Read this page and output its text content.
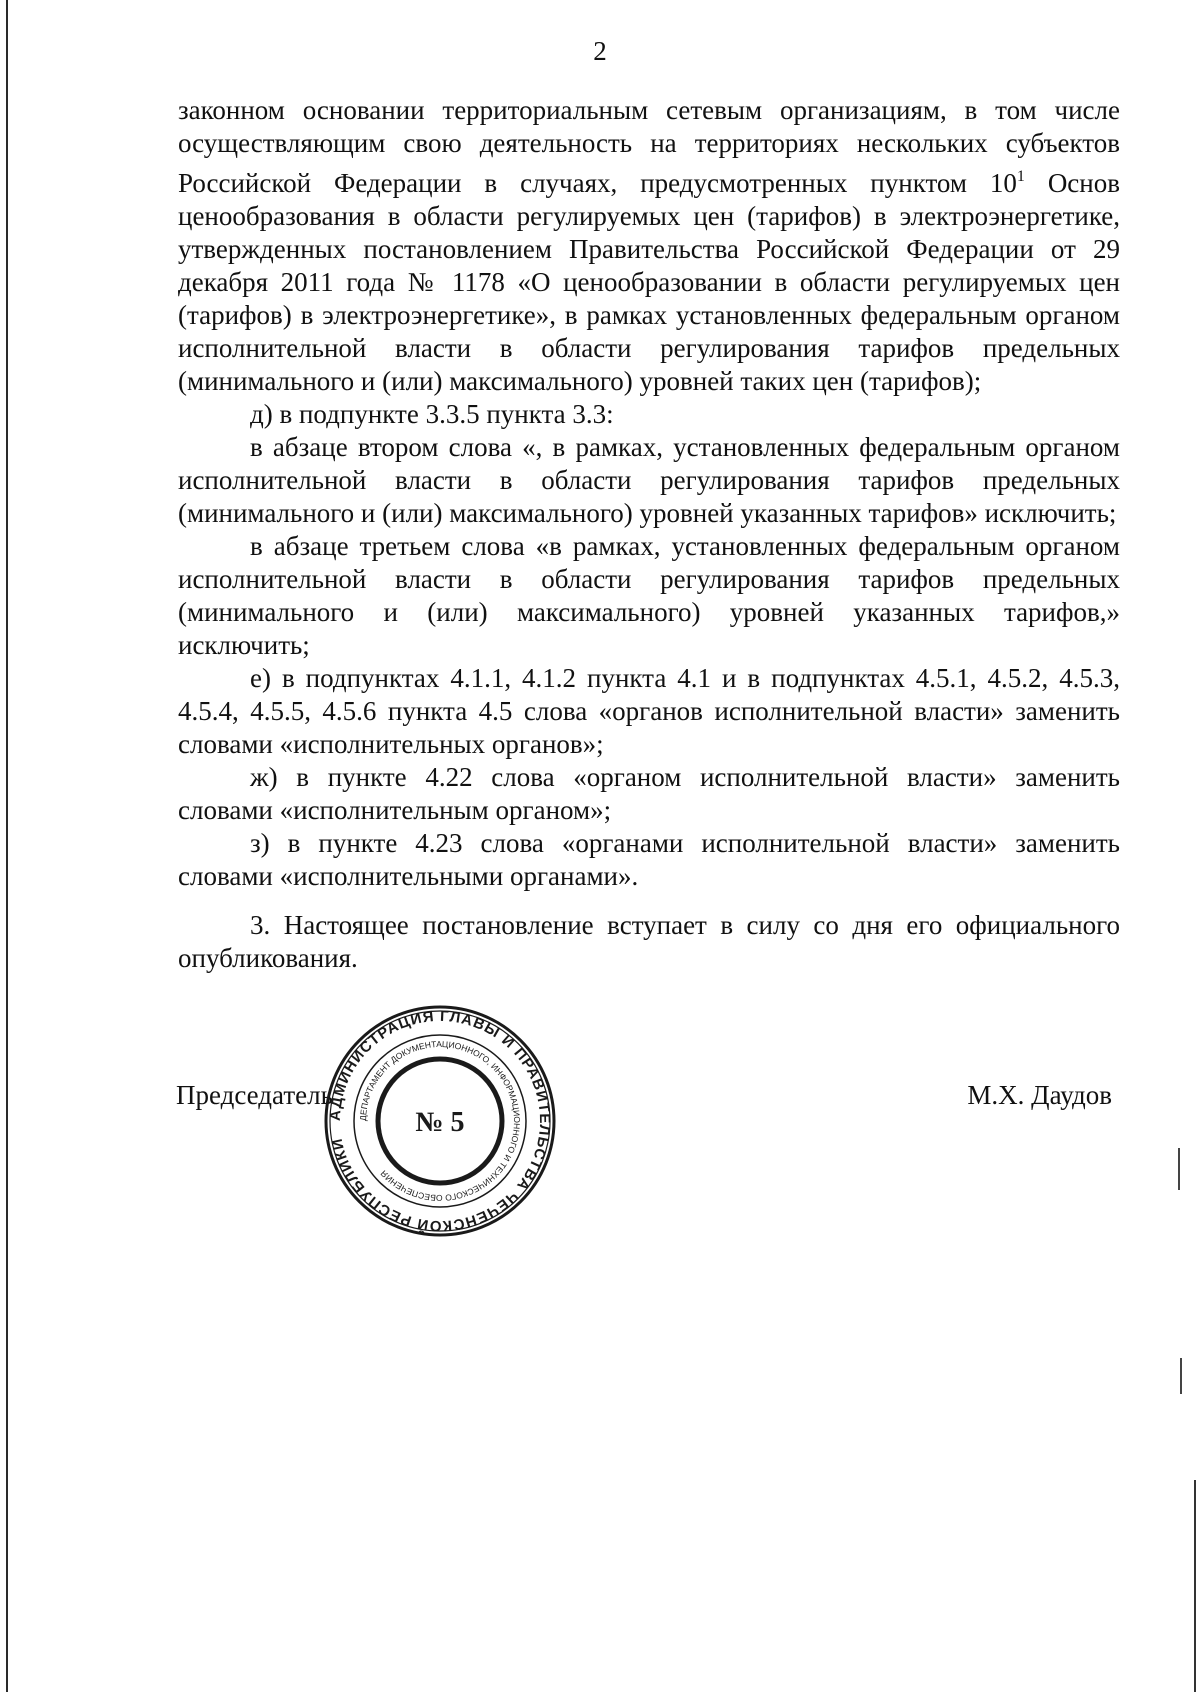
2

законном основании территориальным сетевым организациям, в том числе осуществляющим свою деятельность на территориях нескольких субъектов Российской Федерации в случаях, предусмотренных пунктом $10^1$ Основ ценообразования в области регулируемых цен (тарифов) в электроэнергетике, утвержденных постановлением Правительства Российской Федерации от 29 декабря 2011 года № 1178 «О ценообразовании в области регулируемых цен (тарифов) в электроэнергетике», в рамках установленных федеральным органом исполнительной власти в области регулирования тарифов предельных (минимального и (или) максимального) уровней таких цен (тарифов);

д) в подпункте 3.3.5 пункта 3.3:

в абзаце втором слова «, в рамках, установленных федеральным органом исполнительной власти в области регулирования тарифов предельных (минимального и (или) максимального) уровней указанных тарифов» исключить;

в абзаце третьем слова «в рамках, установленных федеральным органом исполнительной власти в области регулирования тарифов предельных (минимального и (или) максимального) уровней указанных тарифов,» исключить;

е) в подпунктах 4.1.1, 4.1.2 пункта 4.1 и в подпунктах 4.5.1, 4.5.2, 4.5.3, 4.5.4, 4.5.5, 4.5.6 пункта 4.5 слова «органов исполнительной власти» заменить словами «исполнительных органов»;

ж) в пункте 4.22 слова «органом исполнительной власти» заменить словами «исполнительным органом»;

з) в пункте 4.23 слова «органами исполнительной власти» заменить словами «исполнительными органами».

3. Настоящее постановление вступает в силу со дня его официального опубликования.

Председатель	М.Х. Даудов
АДМИНИСТРАЦИЯ ГЛАВЫ И ПРАВИТЕЛЬСТВА ЧЕЧЕНСКОЙ РЕСПУБЛИКИ
ДЕПАРТАМЕНТ ДОКУМЕНТАЦИОННОГО, ИНФОРМАЦИОННОГО И ТЕХНИЧЕСКОГО ОБЕСПЕЧЕНИЯ
№ 5
